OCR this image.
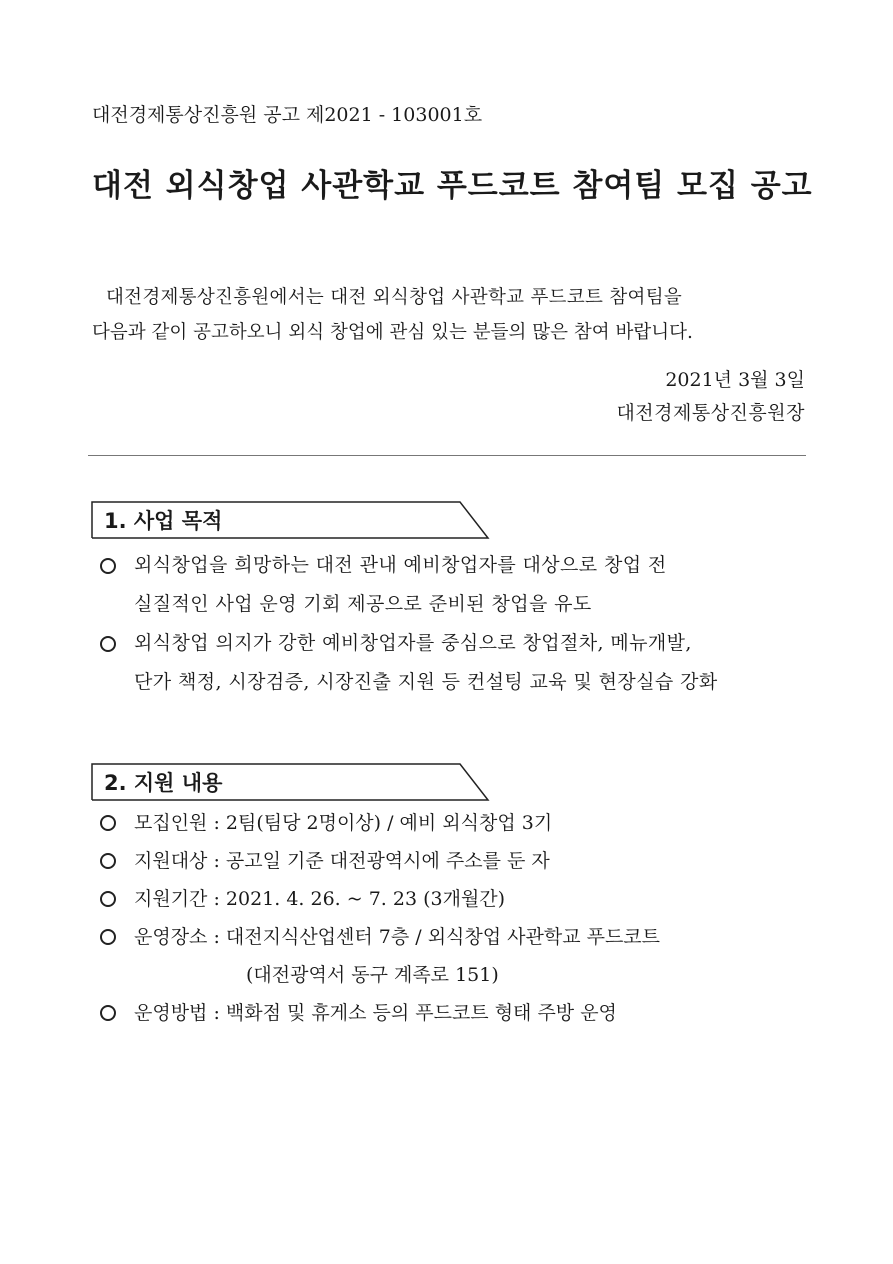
대전경제통상진흥원 공고 제2021 - 103001호
대전 외식창업 사관학교 푸드코트 참여팀 모집 공고
대전경제통상진흥원에서는 대전 외식창업 사관학교 푸드코트 참여팀을
다음과 같이 공고하오니 외식 창업에 관심 있는 분들의 많은 참여 바랍니다.
2021년 3월 3일
대전경제통상진흥원장
1. 사업 목적
외식창업을 희망하는 대전 관내 예비창업자를 대상으로 창업 전
실질적인 사업 운영 기회 제공으로 준비된 창업을 유도
외식창업 의지가 강한 예비창업자를 중심으로 창업절차, 메뉴개발,
단가 책정, 시장검증, 시장진출 지원 등 컨설팅 교육 및 현장실습 강화
2. 지원 내용
모집인원 : 2팀(팀당 2명이상) / 예비 외식창업 3기
지원대상 : 공고일 기준 대전광역시에 주소를 둔 자
지원기간 : 2021. 4. 26. ~ 7. 23 (3개월간)
운영장소 : 대전지식산업센터 7층 / 외식창업 사관학교 푸드코트
(대전광역서 동구 계족로 151)
운영방법 : 백화점 및 휴게소 등의 푸드코트 형태 주방 운영
